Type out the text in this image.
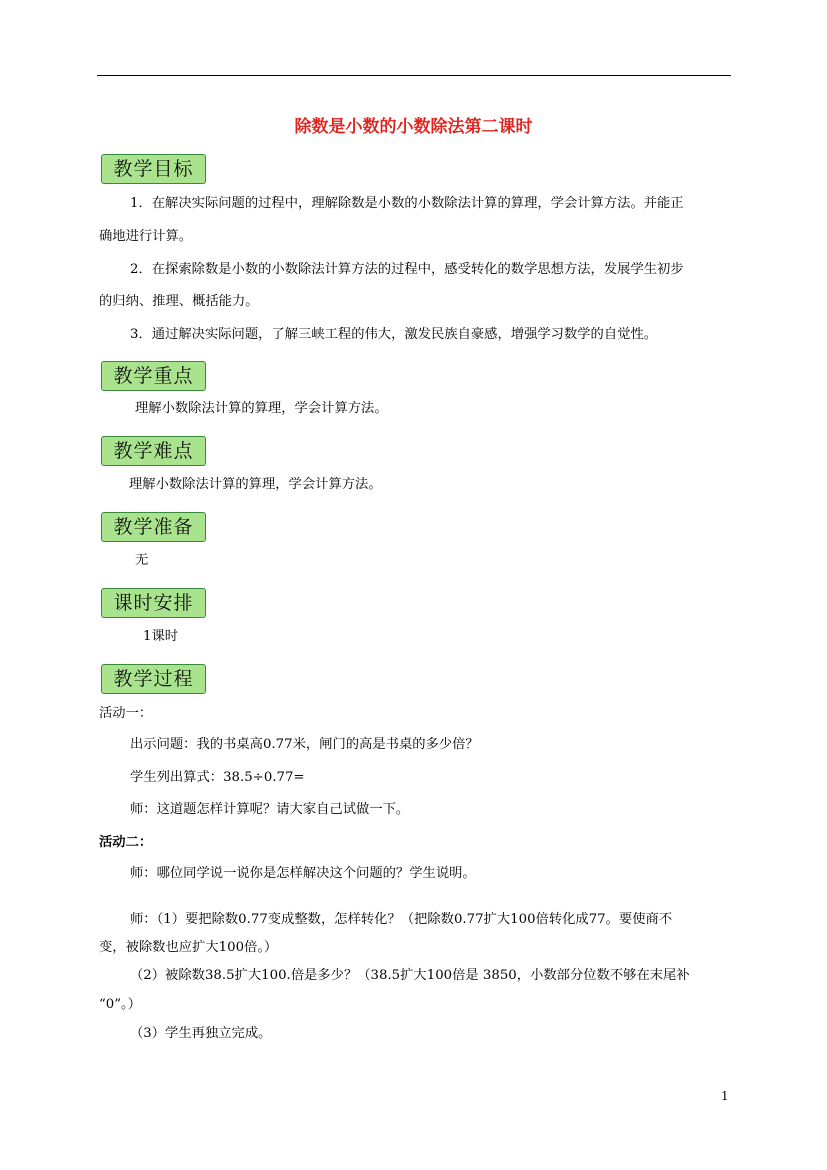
除数是小数的小数除法第二课时
教学目标
1．在解决实际问题的过程中，理解除数是小数的小数除法计算的算理，学会计算方法。并能正
确地进行计算。
2．在探索除数是小数的小数除法计算方法的过程中，感受转化的数学思想方法，发展学生初步
的归纳、推理、概括能力。
3．通过解决实际问题，了解三峡工程的伟大，激发民族自豪感，增强学习数学的自觉性。
教学重点
理解小数除法计算的算理，学会计算方法。
教学难点
理解小数除法计算的算理，学会计算方法。
教学准备
无
课时安排
1课时
教学过程
活动一：
出示问题：我的书桌高0.77米，闸门的高是书桌的多少倍？
学生列出算式：38.5÷0.77=
师：这道题怎样计算呢？请大家自己试做一下。
活动二：
师：哪位同学说一说你是怎样解决这个问题的？学生说明。
师：（1）要把除数0.77变成整数，怎样转化？（把除数0.77扩大100倍转化成77。要使商不
变，被除数也应扩大100倍。）
（2）被除数38.5扩大100.倍是多少？（38.5扩大100倍是 3850，小数部分位数不够在末尾补
“0”。）
（3）学生再独立完成。
1
